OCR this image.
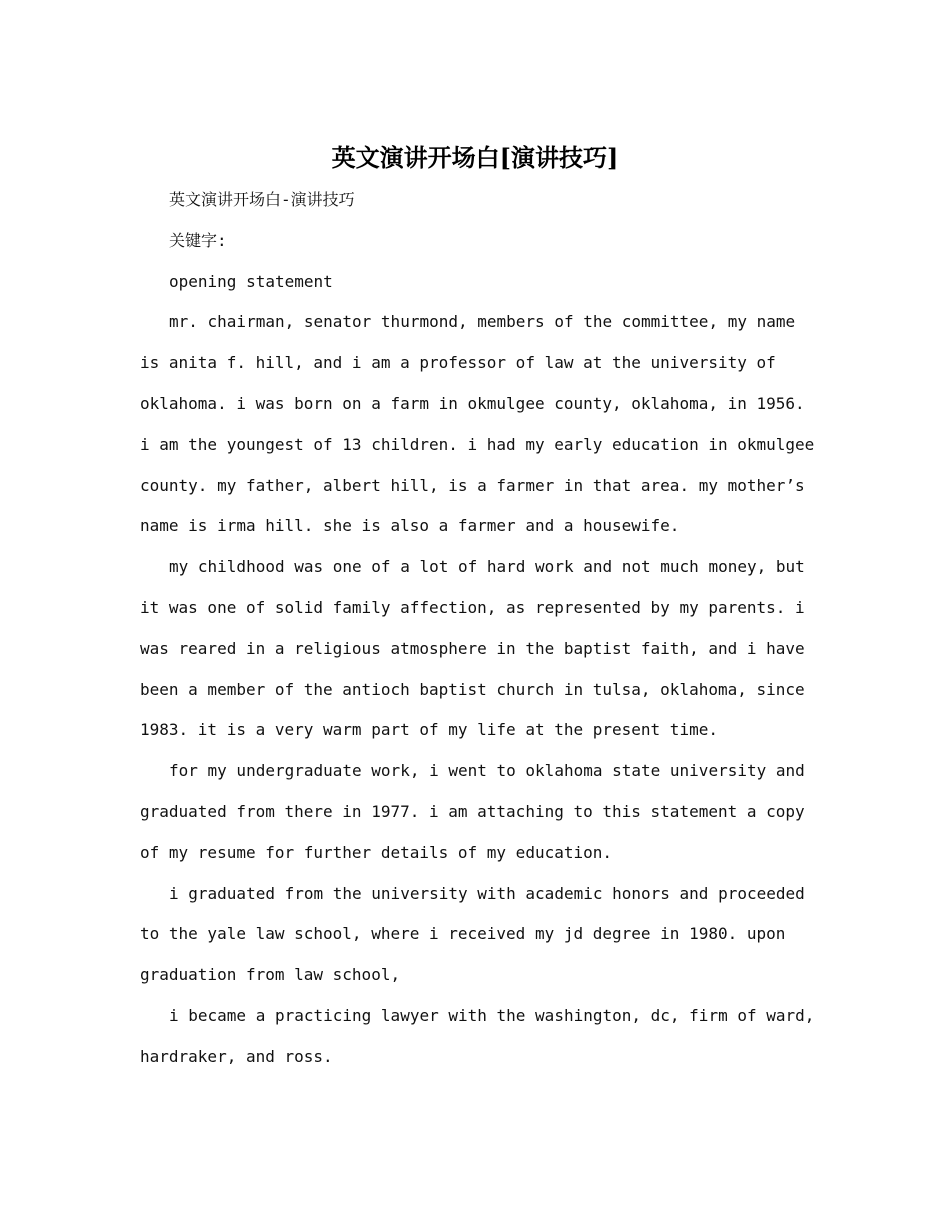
英文演讲开场白[演讲技巧]

英文演讲开场白-演讲技巧

关键字:

opening statement

mr. chairman, senator thurmond, members of the committee, my name is anita f. hill, and i am a professor of law at the university of oklahoma. i was born on a farm in okmulgee county, oklahoma, in 1956. i am the youngest of 13 children. i had my early education in okmulgee county. my father, albert hill, is a farmer in that area. my mother’s name is irma hill. she is also a farmer and a housewife.

my childhood was one of a lot of hard work and not much money, but it was one of solid family affection, as represented by my parents. i was reared in a religious atmosphere in the baptist faith, and i have been a member of the antioch baptist church in tulsa, oklahoma, since 1983. it is a very warm part of my life at the present time.

for my undergraduate work, i went to oklahoma state university and graduated from there in 1977. i am attaching to this statement a copy of my resume for further details of my education.

i graduated from the university with academic honors and proceeded to the yale law school, where i received my jd degree in 1980. upon graduation from law school,

i became a practicing lawyer with the washington, dc, firm of ward, hardraker, and ross.
